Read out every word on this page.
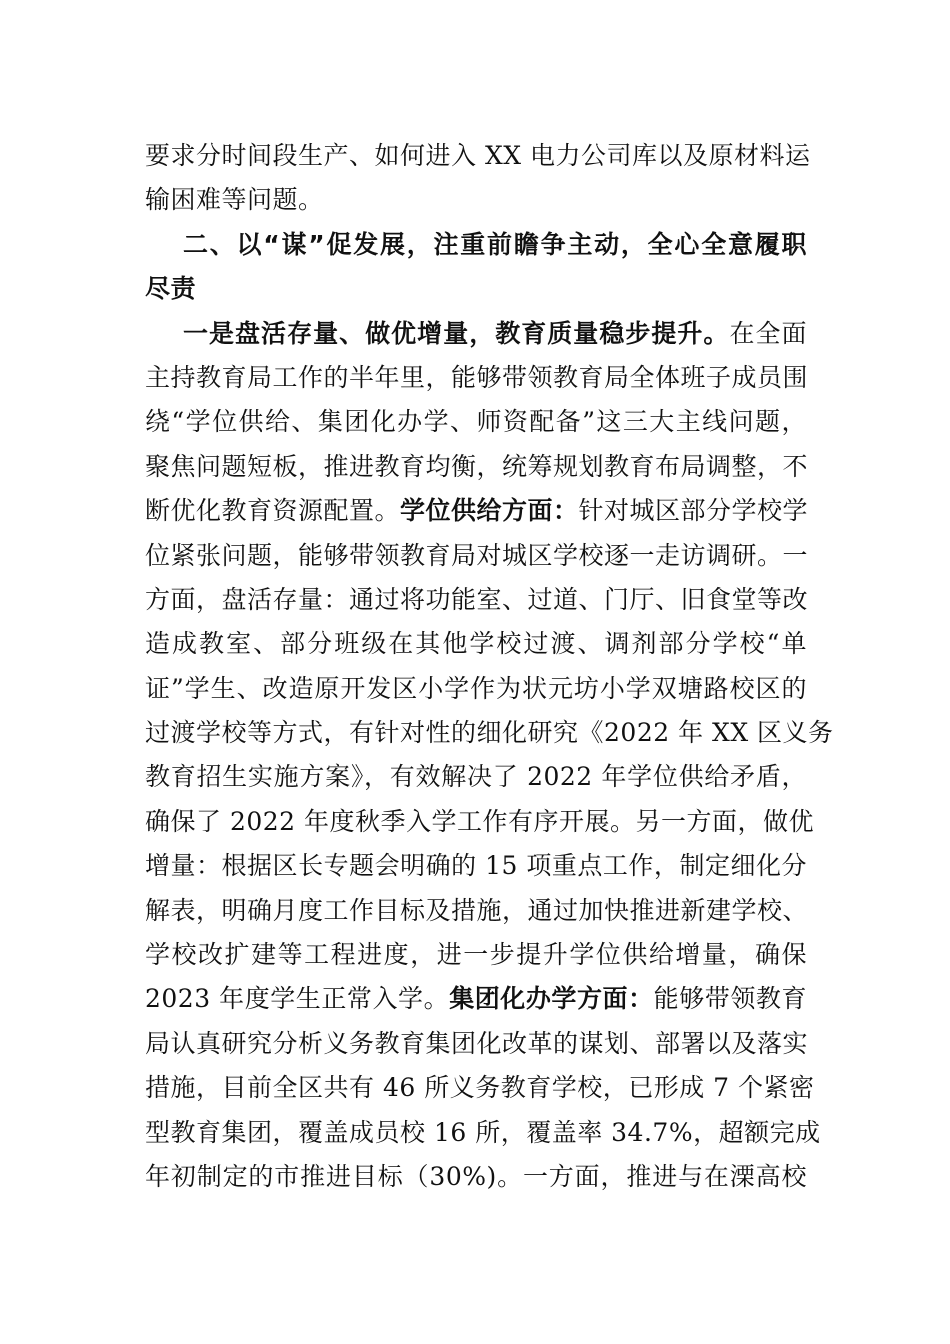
要求分时间段生产、如何进入 XX 电力公司库以及原材料运
输困难等问题。
二、以“谋”促发展，注重前瞻争主动，全心全意履职
尽责
一是盘活存量、做优增量，教育质量稳步提升。在全面
主持教育局工作的半年里，能够带领教育局全体班子成员围
绕“学位供给、集团化办学、师资配备”这三大主线问题，
聚焦问题短板，推进教育均衡，统筹规划教育布局调整，不
断优化教育资源配置。学位供给方面：针对城区部分学校学
位紧张问题，能够带领教育局对城区学校逐一走访调研。一
方面，盘活存量：通过将功能室、过道、门厅、旧食堂等改
造成教室、部分班级在其他学校过渡、调剂部分学校“单
证”学生、改造原开发区小学作为状元坊小学双塘路校区的
过渡学校等方式，有针对性的细化研究《2022 年 XX 区义务
教育招生实施方案》，有效解决了 2022 年学位供给矛盾，
确保了 2022 年度秋季入学工作有序开展。另一方面，做优
增量：根据区长专题会明确的 15 项重点工作，制定细化分
解表，明确月度工作目标及措施，通过加快推进新建学校、
学校改扩建等工程进度，进一步提升学位供给增量，确保
2023 年度学生正常入学。集团化办学方面：能够带领教育
局认真研究分析义务教育集团化改革的谋划、部署以及落实
措施，目前全区共有 46 所义务教育学校，已形成 7 个紧密
型教育集团，覆盖成员校 16 所，覆盖率 34.7%，超额完成
年初制定的市推进目标（30%)。一方面，推进与在溧高校
